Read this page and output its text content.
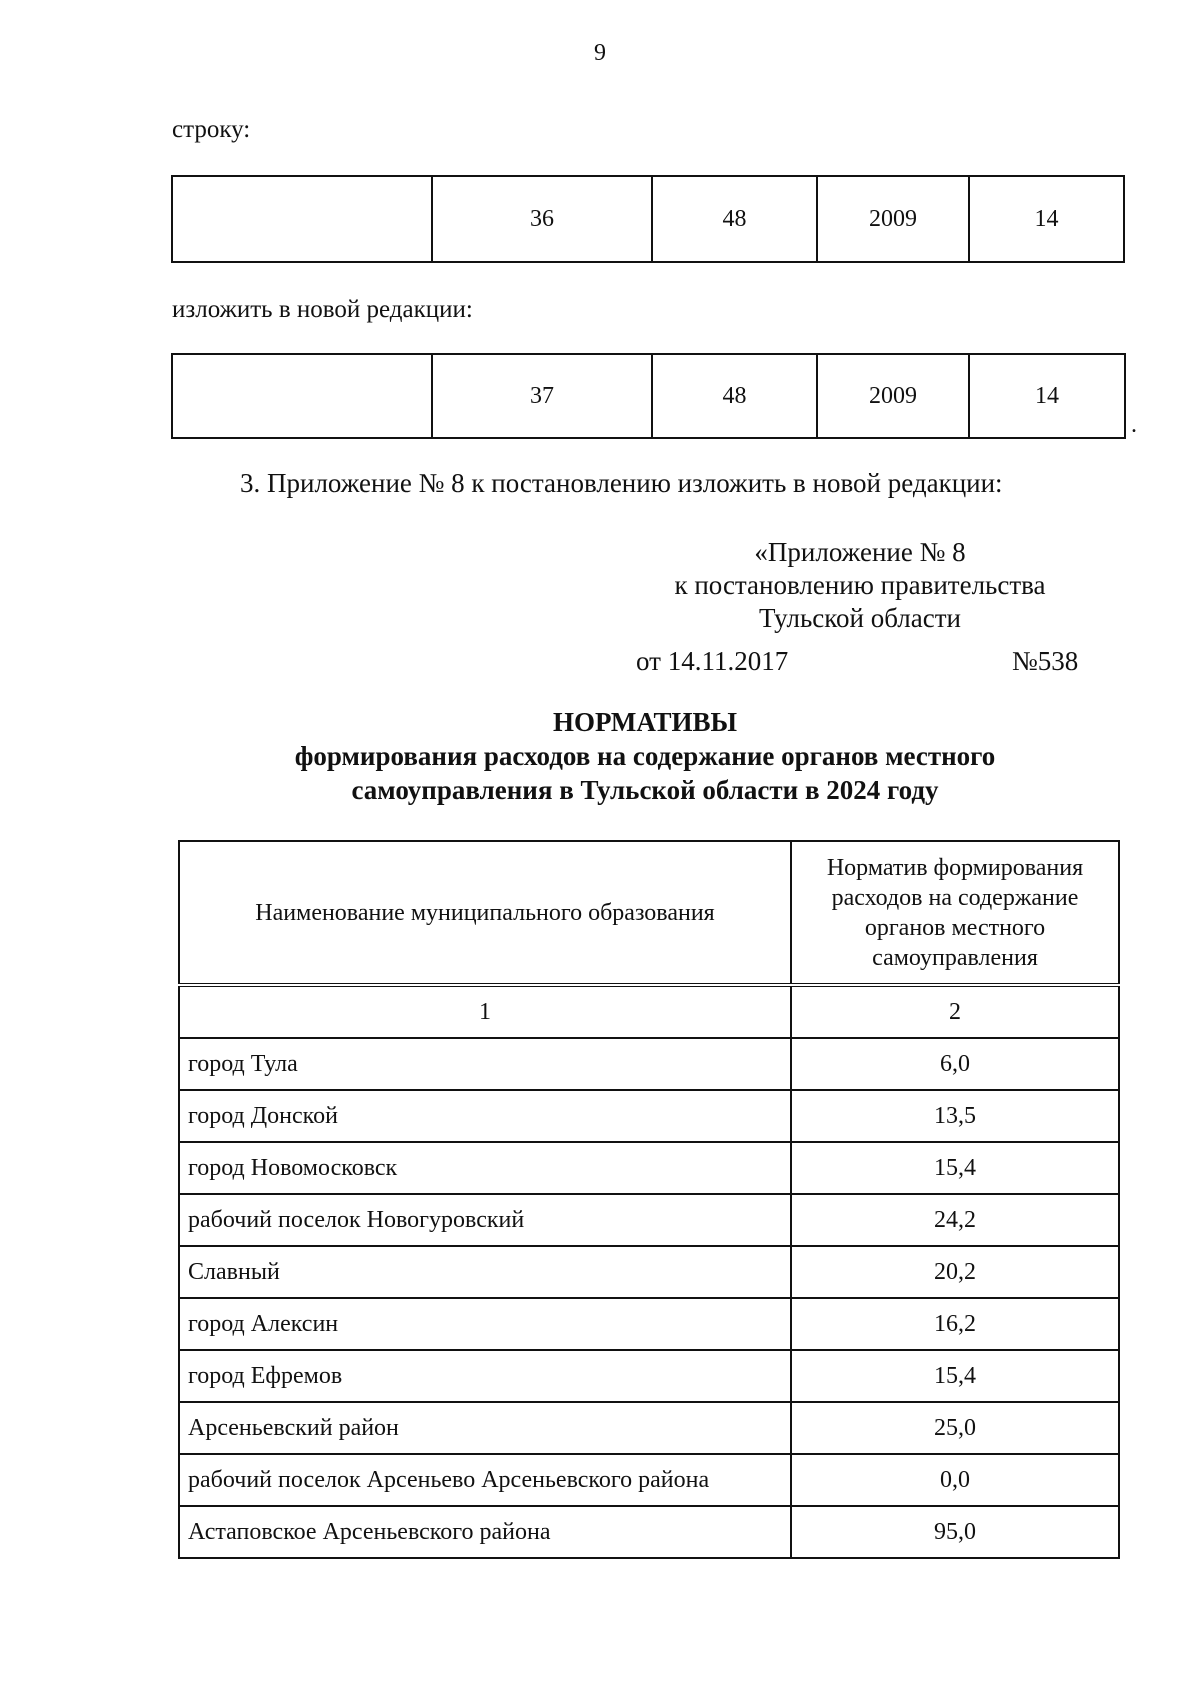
9
строку:
	36	48	2009	14
изложить в новой редакции:
	37	48	2009	14
.
3. Приложение № 8 к постановлению изложить в новой редакции:
«Приложение № 8
к постановлению правительства
Тульской области
от 14.11.2017	№538
НОРМАТИВЫ
формирования расходов на содержание органов местного
самоуправления в Тульской области в 2024 году
Наименование муниципального образования	Норматив формирования расходов на содержание органов местного самоуправления
1	2
город Тула	6,0
город Донской	13,5
город Новомосковск	15,4
рабочий поселок Новогуровский	24,2
Славный	20,2
город Алексин	16,2
город Ефремов	15,4
Арсеньевский район	25,0
рабочий поселок Арсеньево Арсеньевского района	0,0
Астаповское Арсеньевского района	95,0
